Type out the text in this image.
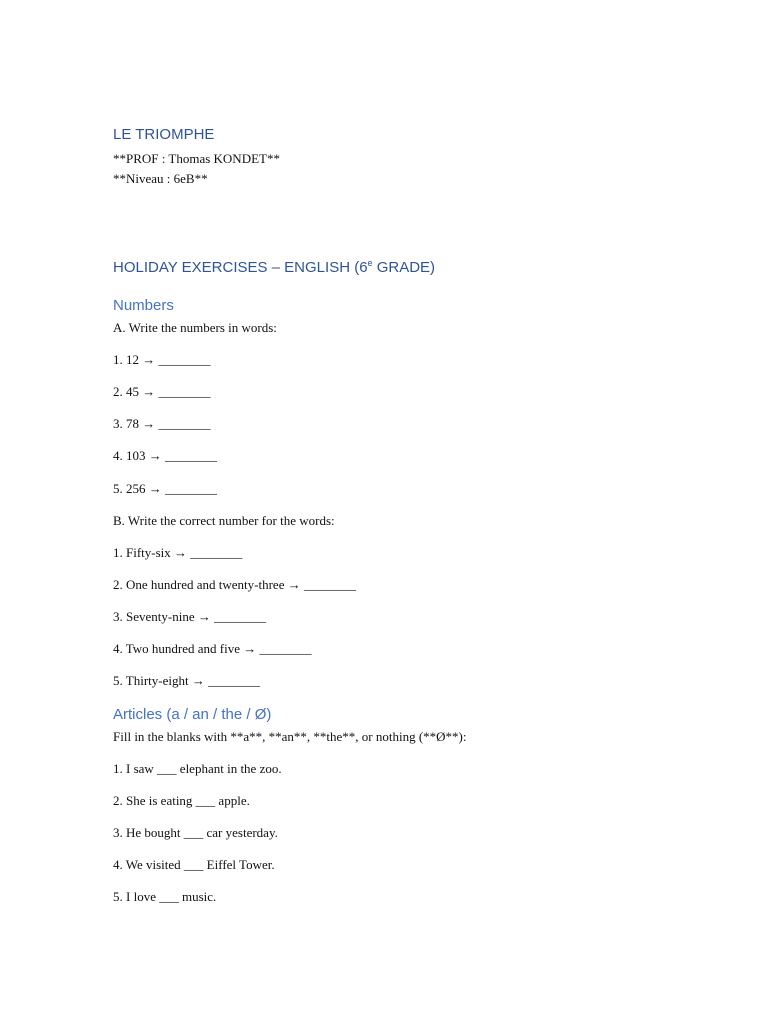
LE TRIOMPHE

**PROF : Thomas KONDET**

**Niveau : 6eB**

HOLIDAY EXERCISES – ENGLISH (6e GRADE)
Numbers

A. Write the numbers in words:

1. 12 → ________

2. 45 → ________

3. 78 → ________

4. 103 → ________

5. 256 → ________

B. Write the correct number for the words:

1. Fifty-six → ________

2. One hundred and twenty-three → ________

3. Seventy-nine → ________

4. Two hundred and five → ________

5. Thirty-eight → ________

Articles (a / an / the / Ø)

Fill in the blanks with **a**, **an**, **the**, or nothing (**Ø**):

1. I saw ___ elephant in the zoo.

2. She is eating ___ apple.

3. He bought ___ car yesterday.

4. We visited ___ Eiffel Tower.

5. I love ___ music.
